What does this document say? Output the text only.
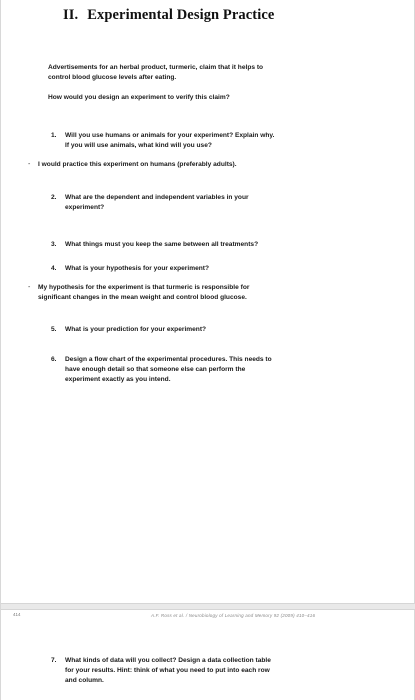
II. Experimental Design Practice
Advertisements for an herbal product, turmeric, claim that it helps to
control blood glucose levels after eating.
How would you design an experiment to verify this claim?
1. Will you use humans or animals for your experiment? Explain why.
If you will use animals, what kind will you use?
- I would practice this experiment on humans (preferably adults).
2. What are the dependent and independent variables in your
experiment?
3. What things must you keep the same between all treatments?
4. What is your hypothesis for your experiment?
- My hypothesis for the experiment is that turmeric is responsible for
significant changes in the mean weight and control blood glucose.
5. What is your prediction for your experiment?
6. Design a flow chart of the experimental procedures. This needs to
have enough detail so that someone else can perform the
experiment exactly as you intend.
414	A.F. Ross et al. / Neurobiology of Learning and Memory 92 (2009) 410–416
7. What kinds of data will you collect? Design a data collection table
for your results. Hint: think of what you need to put into each row
and column.
